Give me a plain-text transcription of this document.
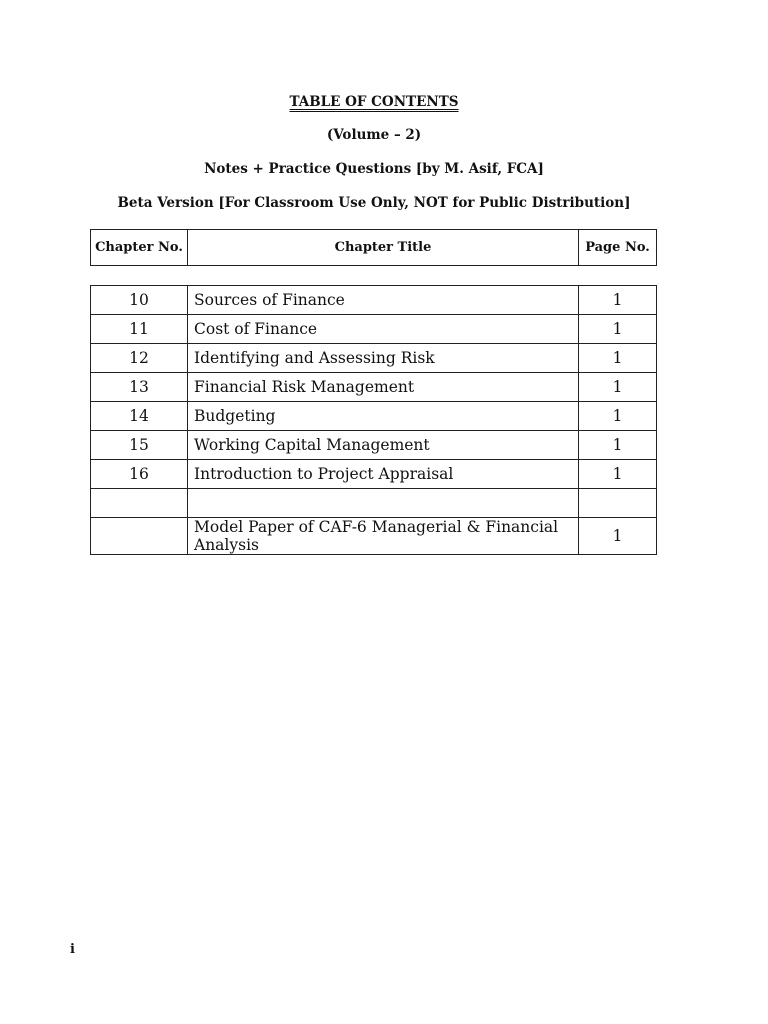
TABLE OF CONTENTS
(Volume – 2)
Notes + Practice Questions [by M. Asif, FCA]
Beta Version [For Classroom Use Only, NOT for Public Distribution]
Chapter No.	Chapter Title	Page No.
10	Sources of Finance	1
11	Cost of Finance	1
12	Identifying and Assessing Risk	1
13	Financial Risk Management	1
14	Budgeting	1
15	Working Capital Management	1
16	Introduction to Project Appraisal	1

	Model Paper of CAF-6 Managerial & Financial Analysis	1
i
